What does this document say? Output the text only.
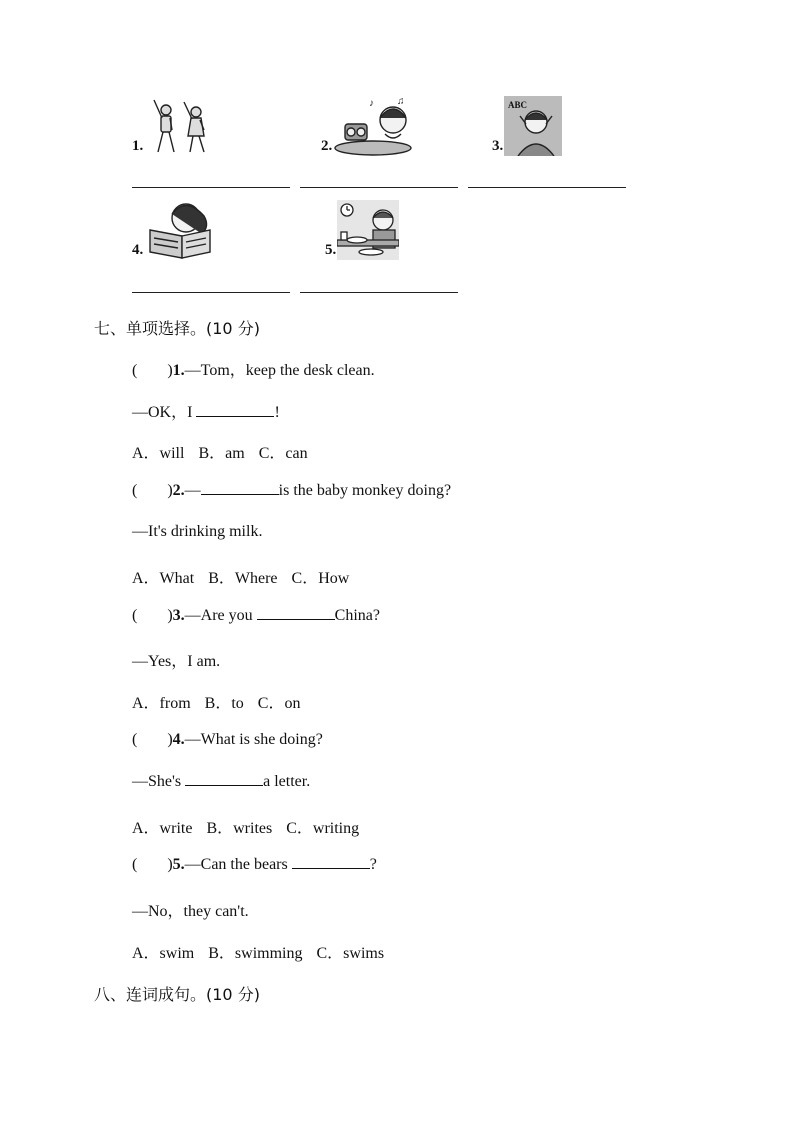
1.	2.
♪ ♫
3.
ABC
4.	5.
七、单项选择。(10 分)
( )1.—Tom，keep the desk clean.
—OK，I	!
A．will B．am C．can
( )2.—	is the baby monkey doing?
—It's drinking milk.
A．What B．Where C．How
( )3.—Are you	China?
—Yes，I am.
A．from B．to C．on
( )4.—What is she doing?
—She's	a letter.
A．write B．writes C．writing
( )5.—Can the bears	?
—No，they can't.
A．swim B．swimming C．swims
八、连词成句。(10 分)
